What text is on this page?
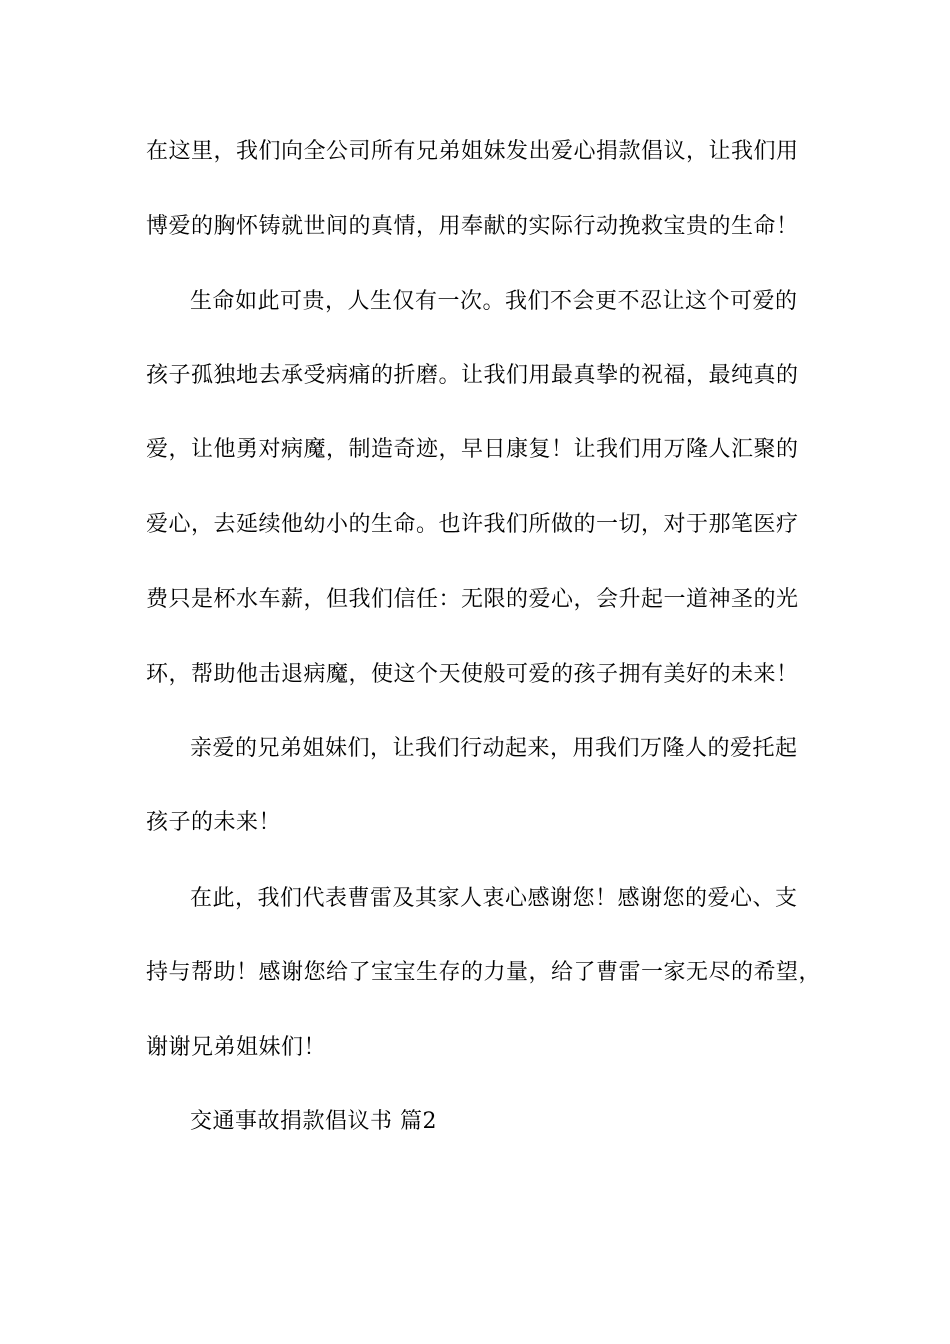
在这里，我们向全公司所有兄弟姐妹发出爱心捐款倡议，让我们用
博爱的胸怀铸就世间的真情，用奉献的实际行动挽救宝贵的生命！
生命如此可贵，人生仅有一次。我们不会更不忍让这个可爱的
孩子孤独地去承受病痛的折磨。让我们用最真挚的祝福，最纯真的
爱，让他勇对病魔，制造奇迹，早日康复！让我们用万隆人汇聚的
爱心，去延续他幼小的生命。也许我们所做的一切，对于那笔医疗
费只是杯水车薪，但我们信任：无限的爱心，会升起一道神圣的光
环，帮助他击退病魔，使这个天使般可爱的孩子拥有美好的未来！
亲爱的兄弟姐妹们，让我们行动起来，用我们万隆人的爱托起
孩子的未来！
在此，我们代表曹雷及其家人衷心感谢您！感谢您的爱心、支
持与帮助！感谢您给了宝宝生存的力量，给了曹雷一家无尽的希望，
谢谢兄弟姐妹们！
交通事故捐款倡议书 篇2
